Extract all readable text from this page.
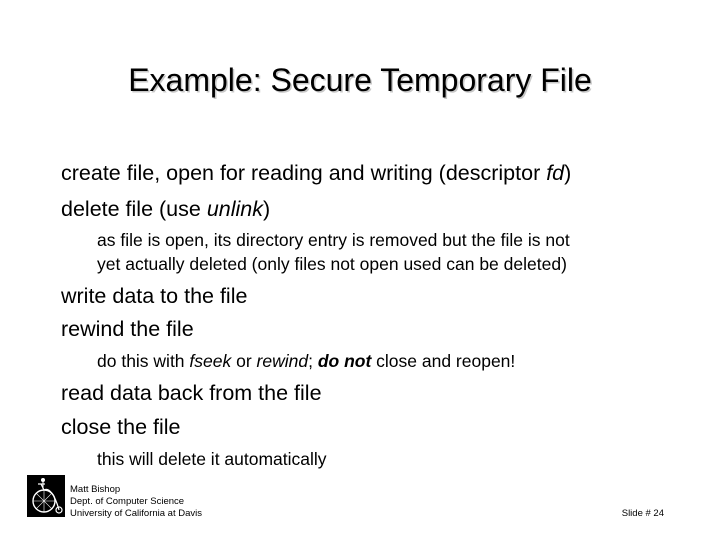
Example: Secure Temporary File
create file, open for reading and writing (descriptor fd)
delete file (use unlink)
as file is open, its directory entry is removed but the file is not
yet actually deleted (only files not open used can be deleted)
write data to the file
rewind the file
do this with fseek or rewind; do not close and reopen!
read data back from the file
close the file
this will delete it automatically
Matt Bishop
Dept. of Computer Science
University of California at Davis	Slide # 24
